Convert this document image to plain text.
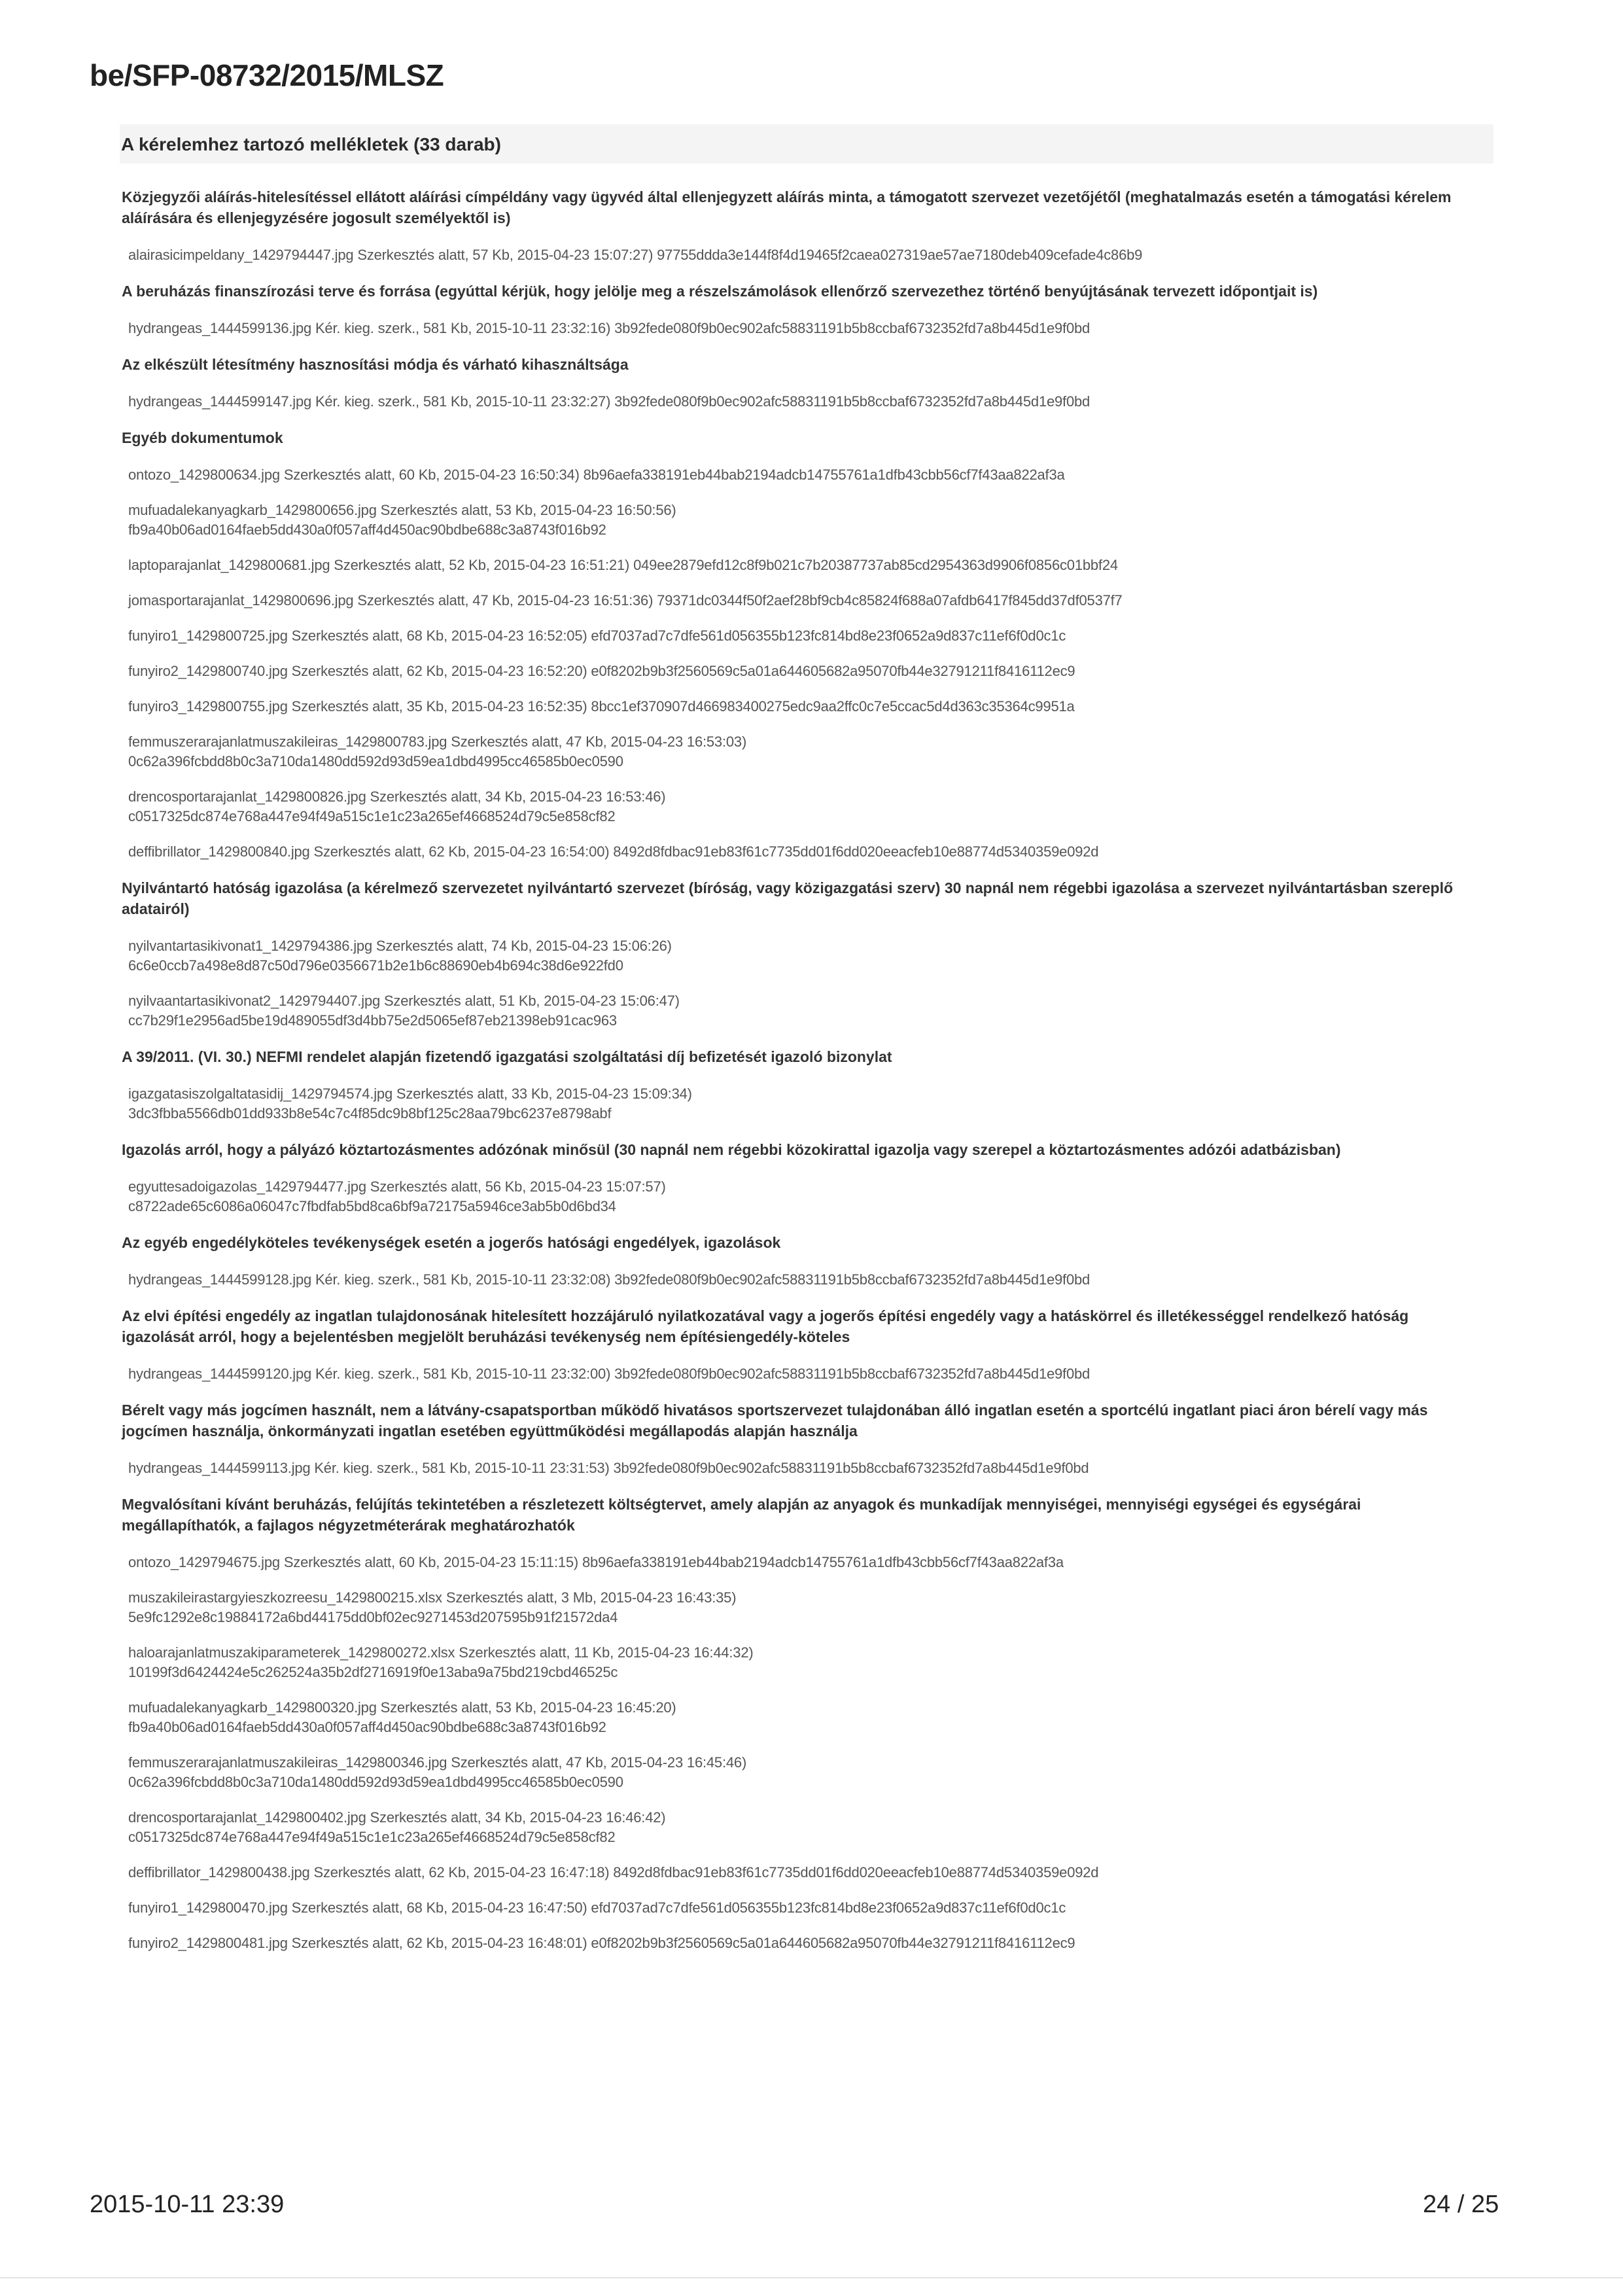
be/SFP-08732/2015/MLSZ
A kérelemhez tartozó mellékletek (33 darab)
Közjegyzői aláírás-hitelesítéssel ellátott aláírási címpéldány vagy ügyvéd által ellenjegyzett aláírás minta, a támogatott szervezet vezetőjétől (meghatalmazás esetén a támogatási kérelem aláírására és ellenjegyzésére jogosult személyektől is)
alairasicimpeldany_1429794447.jpg Szerkesztés alatt, 57 Kb, 2015-04-23 15:07:27) 97755ddda3e144f8f4d19465f2caea027319ae57ae7180deb409cefade4c86b9
A beruházás finanszírozási terve és forrása (egyúttal kérjük, hogy jelölje meg a részelszámolások ellenőrző szervezethez történő benyújtásának tervezett időpontjait is)
hydrangeas_1444599136.jpg Kér. kieg. szerk., 581 Kb, 2015-10-11 23:32:16) 3b92fede080f9b0ec902afc58831191b5b8ccbaf6732352fd7a8b445d1e9f0bd
Az elkészült létesítmény hasznosítási módja és várható kihasználtsága
hydrangeas_1444599147.jpg Kér. kieg. szerk., 581 Kb, 2015-10-11 23:32:27) 3b92fede080f9b0ec902afc58831191b5b8ccbaf6732352fd7a8b445d1e9f0bd
Egyéb dokumentumok
ontozo_1429800634.jpg Szerkesztés alatt, 60 Kb, 2015-04-23 16:50:34) 8b96aefa338191eb44bab2194adcb14755761a1dfb43cbb56cf7f43aa822af3a
mufuadalekanyagkarb_1429800656.jpg Szerkesztés alatt, 53 Kb, 2015-04-23 16:50:56)
fb9a40b06ad0164faeb5dd430a0f057aff4d450ac90bdbe688c3a8743f016b92
laptoparajanlat_1429800681.jpg Szerkesztés alatt, 52 Kb, 2015-04-23 16:51:21) 049ee2879efd12c8f9b021c7b20387737ab85cd2954363d9906f0856c01bbf24
jomasportarajanlat_1429800696.jpg Szerkesztés alatt, 47 Kb, 2015-04-23 16:51:36) 79371dc0344f50f2aef28bf9cb4c85824f688a07afdb6417f845dd37df0537f7
funyiro1_1429800725.jpg Szerkesztés alatt, 68 Kb, 2015-04-23 16:52:05) efd7037ad7c7dfe561d056355b123fc814bd8e23f0652a9d837c11ef6f0d0c1c
funyiro2_1429800740.jpg Szerkesztés alatt, 62 Kb, 2015-04-23 16:52:20) e0f8202b9b3f2560569c5a01a644605682a95070fb44e32791211f8416112ec9
funyiro3_1429800755.jpg Szerkesztés alatt, 35 Kb, 2015-04-23 16:52:35) 8bcc1ef370907d466983400275edc9aa2ffc0c7e5ccac5d4d363c35364c9951a
femmuszerarajanlatmuszakileiras_1429800783.jpg Szerkesztés alatt, 47 Kb, 2015-04-23 16:53:03)
0c62a396fcbdd8b0c3a710da1480dd592d93d59ea1dbd4995cc46585b0ec0590
drencosportarajanlat_1429800826.jpg Szerkesztés alatt, 34 Kb, 2015-04-23 16:53:46)
c0517325dc874e768a447e94f49a515c1e1c23a265ef4668524d79c5e858cf82
deffibrillator_1429800840.jpg Szerkesztés alatt, 62 Kb, 2015-04-23 16:54:00) 8492d8fdbac91eb83f61c7735dd01f6dd020eeacfeb10e88774d5340359e092d
Nyilvántartó hatóság igazolása (a kérelmező szervezetet nyilvántartó szervezet (bíróság, vagy közigazgatási szerv) 30 napnál nem régebbi igazolása a szervezet nyilvántartásban szereplő adatairól)
nyilvantartasikivonat1_1429794386.jpg Szerkesztés alatt, 74 Kb, 2015-04-23 15:06:26)
6c6e0ccb7a498e8d87c50d796e0356671b2e1b6c88690eb4b694c38d6e922fd0
nyilvaantartasikivonat2_1429794407.jpg Szerkesztés alatt, 51 Kb, 2015-04-23 15:06:47)
cc7b29f1e2956ad5be19d489055df3d4bb75e2d5065ef87eb21398eb91cac963
A 39/2011. (VI. 30.) NEFMI rendelet alapján fizetendő igazgatási szolgáltatási díj befizetését igazoló bizonylat
igazgatasiszolgaltatasidij_1429794574.jpg Szerkesztés alatt, 33 Kb, 2015-04-23 15:09:34)
3dc3fbba5566db01dd933b8e54c7c4f85dc9b8bf125c28aa79bc6237e8798abf
Igazolás arról, hogy a pályázó köztartozásmentes adózónak minősül (30 napnál nem régebbi közokirattal igazolja vagy szerepel a köztartozásmentes adózói adatbázisban)
egyuttesadoigazolas_1429794477.jpg Szerkesztés alatt, 56 Kb, 2015-04-23 15:07:57)
c8722ade65c6086a06047c7fbdfab5bd8ca6bf9a72175a5946ce3ab5b0d6bd34
Az egyéb engedélyköteles tevékenységek esetén a jogerős hatósági engedélyek, igazolások
hydrangeas_1444599128.jpg Kér. kieg. szerk., 581 Kb, 2015-10-11 23:32:08) 3b92fede080f9b0ec902afc58831191b5b8ccbaf6732352fd7a8b445d1e9f0bd
Az elvi építési engedély az ingatlan tulajdonosának hitelesített hozzájáruló nyilatkozatával vagy a jogerős építési engedély vagy a hatáskörrel és illetékességgel rendelkező hatóság igazolását arról, hogy a bejelentésben megjelölt beruházási tevékenység nem építésiengedély-köteles
hydrangeas_1444599120.jpg Kér. kieg. szerk., 581 Kb, 2015-10-11 23:32:00) 3b92fede080f9b0ec902afc58831191b5b8ccbaf6732352fd7a8b445d1e9f0bd
Bérelt vagy más jogcímen használt, nem a látvány-csapatsportban működő hivatásos sportszervezet tulajdonában álló ingatlan esetén a sportcélú ingatlant piaci áron bérelí vagy más jogcímen használja, önkormányzati ingatlan esetében együttműködési megállapodás alapján használja
hydrangeas_1444599113.jpg Kér. kieg. szerk., 581 Kb, 2015-10-11 23:31:53) 3b92fede080f9b0ec902afc58831191b5b8ccbaf6732352fd7a8b445d1e9f0bd
Megvalósítani kívánt beruházás, felújítás tekintetében a részletezett költségtervet, amely alapján az anyagok és munkadíjak mennyiségei, mennyiségi egységei és egységárai megállapíthatók, a fajlagos négyzetméterárak meghatározhatók
ontozo_1429794675.jpg Szerkesztés alatt, 60 Kb, 2015-04-23 15:11:15) 8b96aefa338191eb44bab2194adcb14755761a1dfb43cbb56cf7f43aa822af3a
muszakileirastargyieszkozreesu_1429800215.xlsx Szerkesztés alatt, 3 Mb, 2015-04-23 16:43:35)
5e9fc1292e8c19884172a6bd44175dd0bf02ec9271453d207595b91f21572da4
haloarajanlatmuszakiparameterek_1429800272.xlsx Szerkesztés alatt, 11 Kb, 2015-04-23 16:44:32)
10199f3d6424424e5c262524a35b2df2716919f0e13aba9a75bd219cbd46525c
mufuadalekanyagkarb_1429800320.jpg Szerkesztés alatt, 53 Kb, 2015-04-23 16:45:20)
fb9a40b06ad0164faeb5dd430a0f057aff4d450ac90bdbe688c3a8743f016b92
femmuszerarajanlatmuszakileiras_1429800346.jpg Szerkesztés alatt, 47 Kb, 2015-04-23 16:45:46)
0c62a396fcbdd8b0c3a710da1480dd592d93d59ea1dbd4995cc46585b0ec0590
drencosportarajanlat_1429800402.jpg Szerkesztés alatt, 34 Kb, 2015-04-23 16:46:42)
c0517325dc874e768a447e94f49a515c1e1c23a265ef4668524d79c5e858cf82
deffibrillator_1429800438.jpg Szerkesztés alatt, 62 Kb, 2015-04-23 16:47:18) 8492d8fdbac91eb83f61c7735dd01f6dd020eeacfeb10e88774d5340359e092d
funyiro1_1429800470.jpg Szerkesztés alatt, 68 Kb, 2015-04-23 16:47:50) efd7037ad7c7dfe561d056355b123fc814bd8e23f0652a9d837c11ef6f0d0c1c
funyiro2_1429800481.jpg Szerkesztés alatt, 62 Kb, 2015-04-23 16:48:01) e0f8202b9b3f2560569c5a01a644605682a95070fb44e32791211f8416112ec9
2015-10-11 23:39	24 / 25
